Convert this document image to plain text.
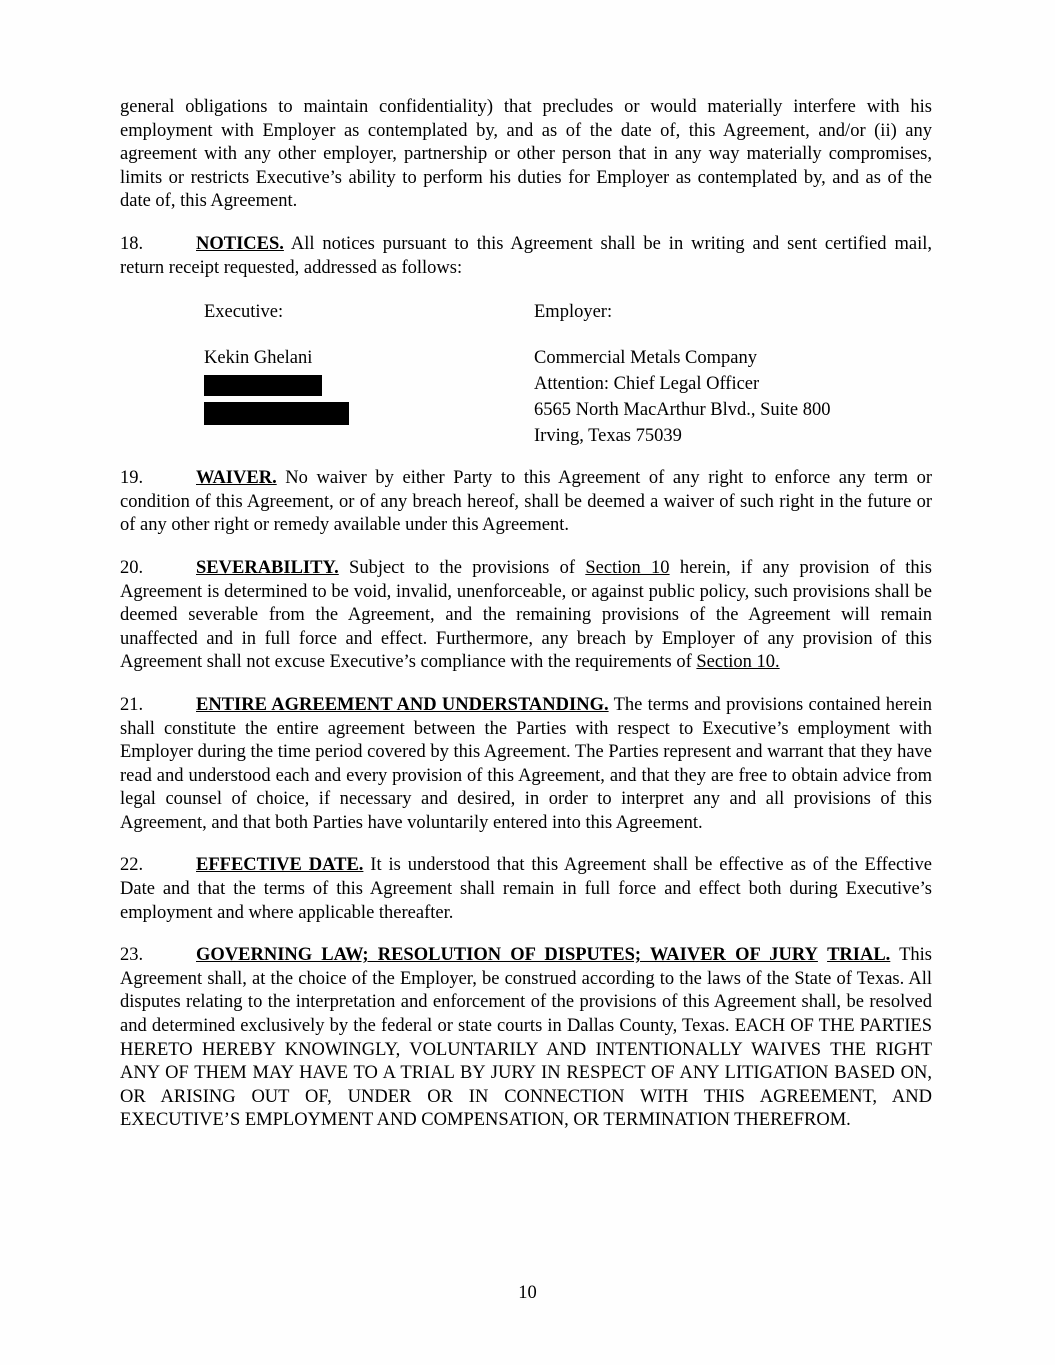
general obligations to maintain confidentiality) that precludes or would materially interfere with his employment with Employer as contemplated by, and as of the date of, this Agreement, and/or (ii) any agreement with any other employer, partnership or other person that in any way materially compromises, limits or restricts Executive’s ability to perform his duties for Employer as contemplated by, and as of the date of, this Agreement.

18.	NOTICES. All notices pursuant to this Agreement shall be in writing and sent certified mail, return receipt requested, addressed as follows:

Executive:
Kekin Ghelani
Employer:
Commercial Metals Company
Attention: Chief Legal Officer
6565 North MacArthur Blvd., Suite 800
Irving, Texas 75039

19.	WAIVER. No waiver by either Party to this Agreement of any right to enforce any term or condition of this Agreement, or of any breach hereof, shall be deemed a waiver of such right in the future or of any other right or remedy available under this Agreement.

20.	SEVERABILITY. Subject to the provisions of Section 10 herein, if any provision of this Agreement is determined to be void, invalid, unenforceable, or against public policy, such provisions shall be deemed severable from the Agreement, and the remaining provisions of the Agreement will remain unaffected and in full force and effect. Furthermore, any breach by Employer of any provision of this Agreement shall not excuse Executive’s compliance with the requirements of Section 10.

21.	ENTIRE AGREEMENT AND UNDERSTANDING. The terms and provisions contained herein shall constitute the entire agreement between the Parties with respect to Executive’s employment with Employer during the time period covered by this Agreement. The Parties represent and warrant that they have read and understood each and every provision of this Agreement, and that they are free to obtain advice from legal counsel of choice, if necessary and desired, in order to interpret any and all provisions of this Agreement, and that both Parties have voluntarily entered into this Agreement.

22.	EFFECTIVE DATE. It is understood that this Agreement shall be effective as of the Effective Date and that the terms of this Agreement shall remain in full force and effect both during Executive’s employment and where applicable thereafter.

23.	GOVERNING LAW; RESOLUTION OF DISPUTES; WAIVER OF JURY TRIAL. This Agreement shall, at the choice of the Employer, be construed according to the laws of the State of Texas. All disputes relating to the interpretation and enforcement of the provisions of this Agreement shall, be resolved and determined exclusively by the federal or state courts in Dallas County, Texas. EACH OF THE PARTIES HERETO HEREBY KNOWINGLY, VOLUNTARILY AND INTENTIONALLY WAIVES THE RIGHT ANY OF THEM MAY HAVE TO A TRIAL BY JURY IN RESPECT OF ANY LITIGATION BASED ON, OR ARISING OUT OF, UNDER OR IN CONNECTION WITH THIS AGREEMENT, AND EXECUTIVE’S EMPLOYMENT AND COMPENSATION, OR TERMINATION THEREFROM.

10
